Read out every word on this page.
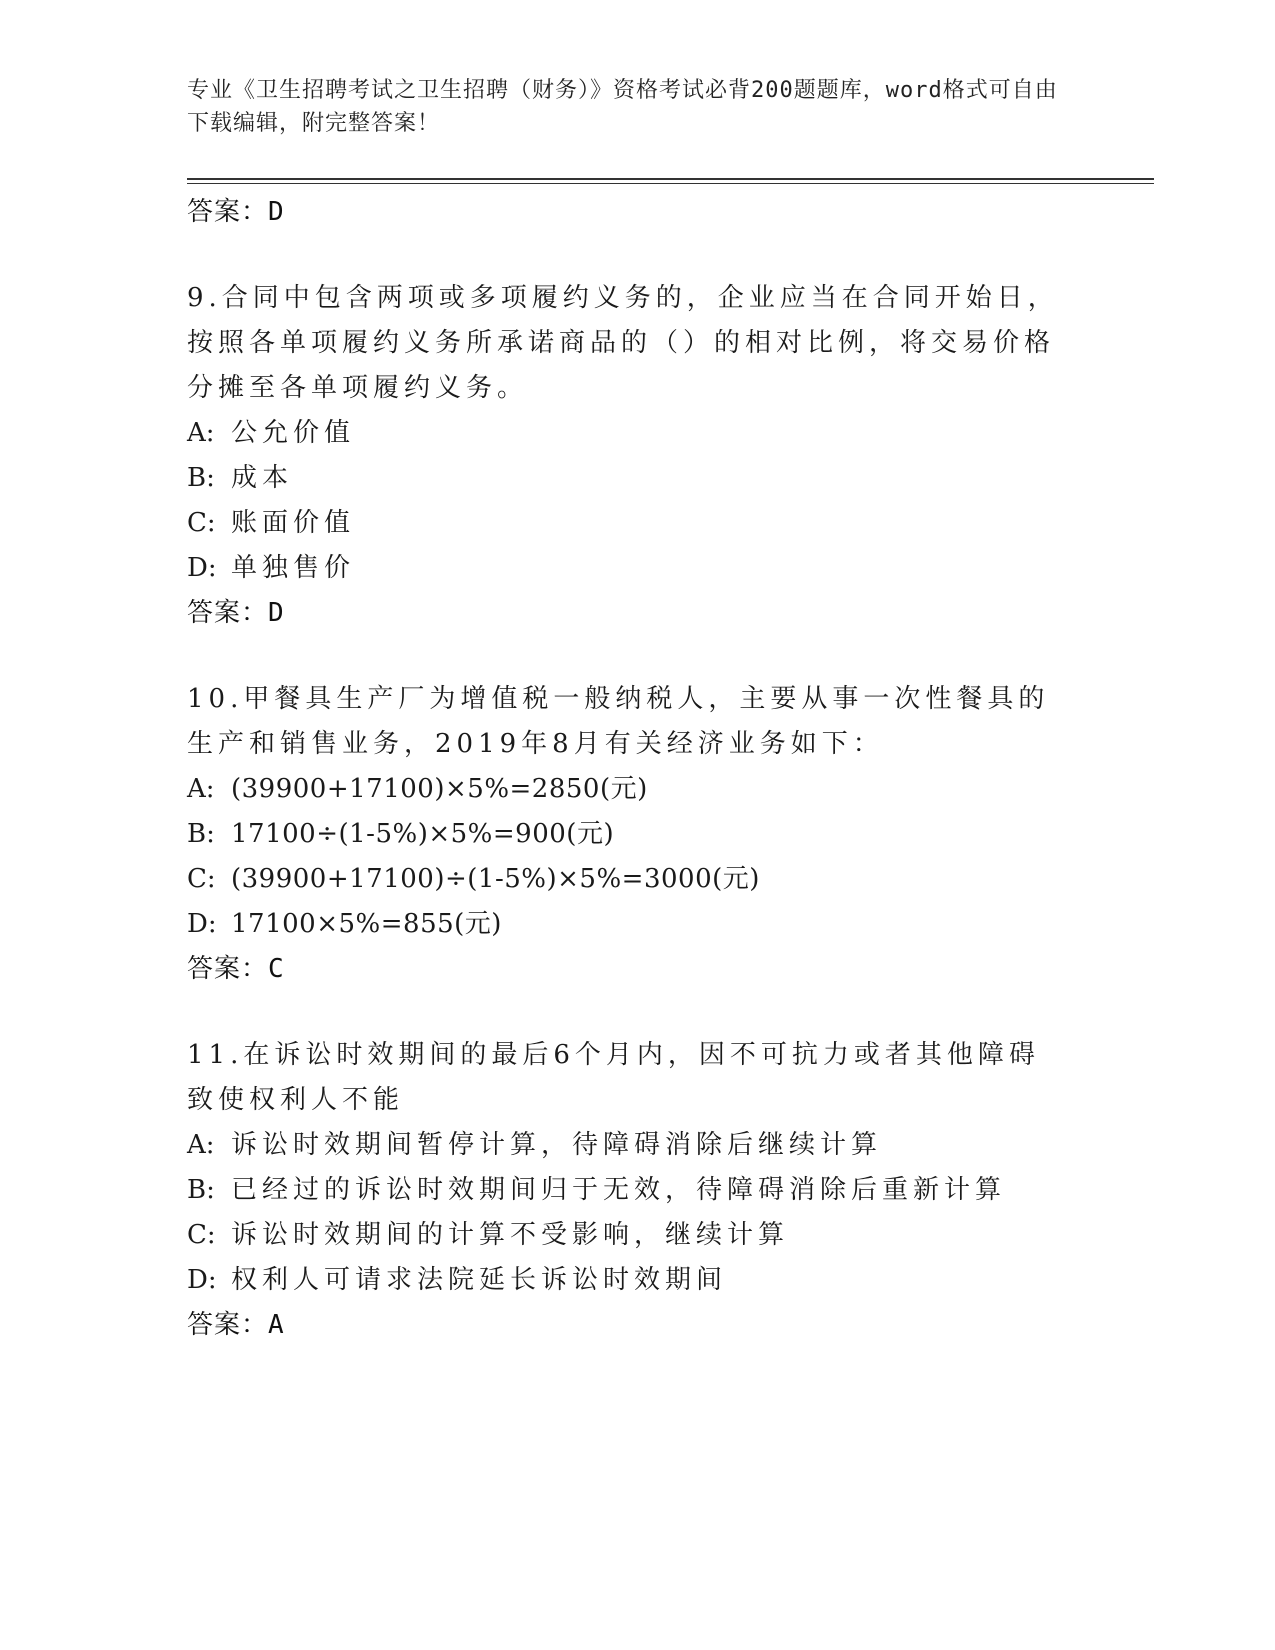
专业《卫生招聘考试之卫生招聘（财务）》资格考试必背200题题库，word格式可自由下载编辑，附完整答案！
答案：D
9.合同中包含两项或多项履约义务的，企业应当在合同开始日，按照各单项履约义务所承诺商品的（）的相对比例，将交易价格分摊至各单项履约义务。
A: 公允价值
B: 成本
C: 账面价值
D: 单独售价
答案：D
10.甲餐具生产厂为增值税一般纳税人，主要从事一次性餐具的生产和销售业务，2019年8月有关经济业务如下：
A: (39900+17100)×5%=2850(元)
B: 17100÷(1-5%)×5%=900(元)
C: (39900+17100)÷(1-5%)×5%=3000(元)
D: 17100×5%=855(元)
答案：C
11.在诉讼时效期间的最后6个月内，因不可抗力或者其他障碍致使权利人不能
A: 诉讼时效期间暂停计算，待障碍消除后继续计算
B: 已经过的诉讼时效期间归于无效，待障碍消除后重新计算
C: 诉讼时效期间的计算不受影响，继续计算
D: 权利人可请求法院延长诉讼时效期间
答案：A
